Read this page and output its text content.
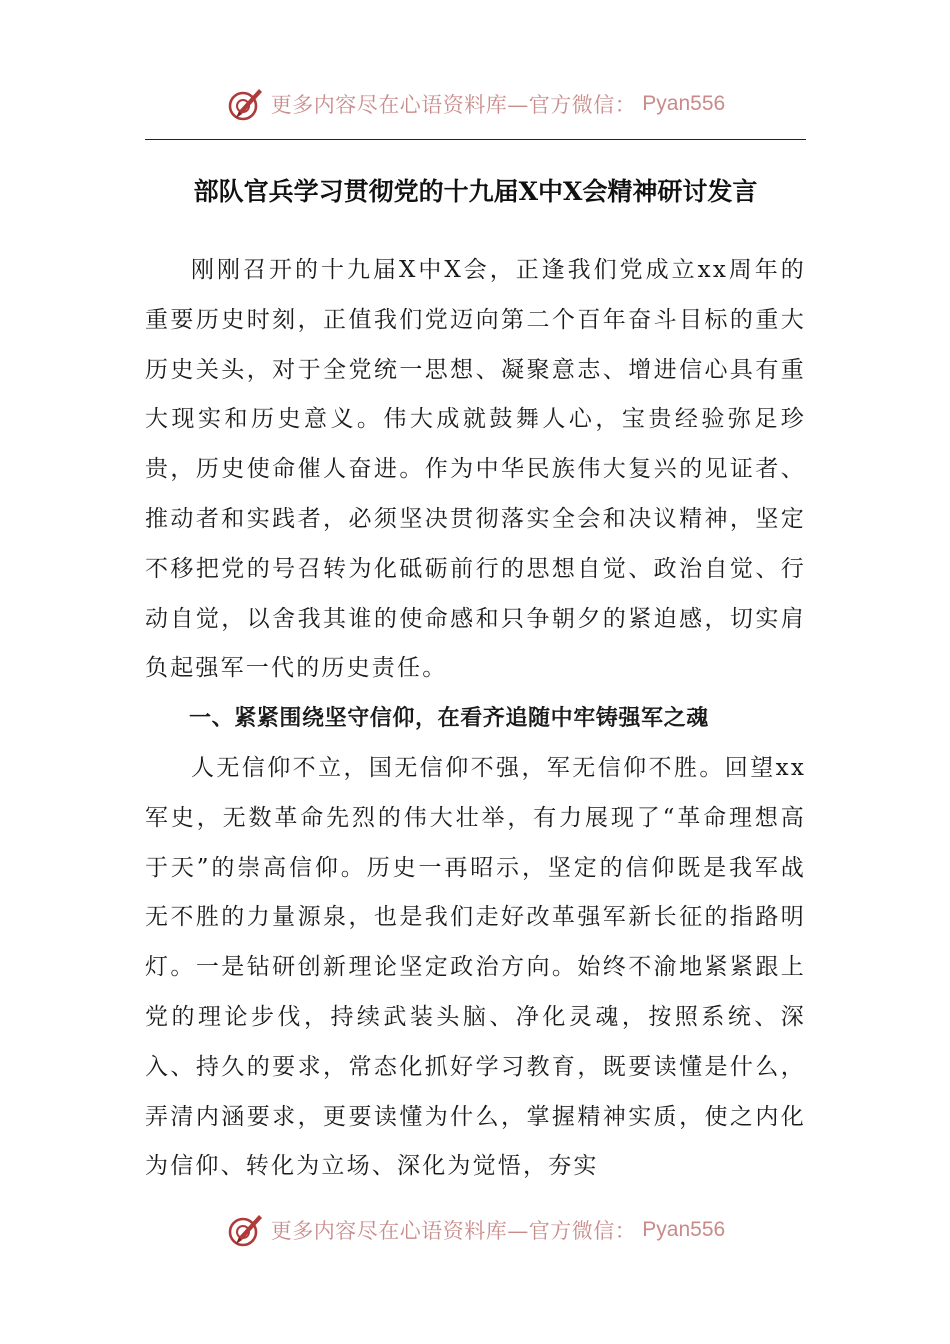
更多内容尽在心语资料库—官方微信： Pyan556
部队官兵学习贯彻党的十九届X中X会精神研讨发言

刚刚召开的十九届X中X会，正逢我们党成立xx周年的重要历史时刻，正值我们党迈向第二个百年奋斗目标的重大历史关头，对于全党统一思想、凝聚意志、增进信心具有重大现实和历史意义。伟大成就鼓舞人心，宝贵经验弥足珍贵，历史使命催人奋进。作为中华民族伟大复兴的见证者、推动者和实践者，必须坚决贯彻落实全会和决议精神，坚定不移把党的号召转为化砥砺前行的思想自觉、政治自觉、行动自觉，以舍我其谁的使命感和只争朝夕的紧迫感，切实肩负起强军一代的历史责任。

一、紧紧围绕坚守信仰，在看齐追随中牢铸强军之魂

人无信仰不立，国无信仰不强，军无信仰不胜。回望xx军史，无数革命先烈的伟大壮举，有力展现了“革命理想高于天”的崇高信仰。历史一再昭示，坚定的信仰既是我军战无不胜的力量源泉，也是我们走好改革强军新长征的指路明灯。一是钻研创新理论坚定政治方向。始终不渝地紧紧跟上党的理论步伐，持续武装头脑、净化灵魂，按照系统、深入、持久的要求，常态化抓好学习教育，既要读懂是什么，弄清内涵要求，更要读懂为什么，掌握精神实质，使之内化为信仰、转化为立场、深化为觉悟，夯实

更多内容尽在心语资料库—官方微信： Pyan556
